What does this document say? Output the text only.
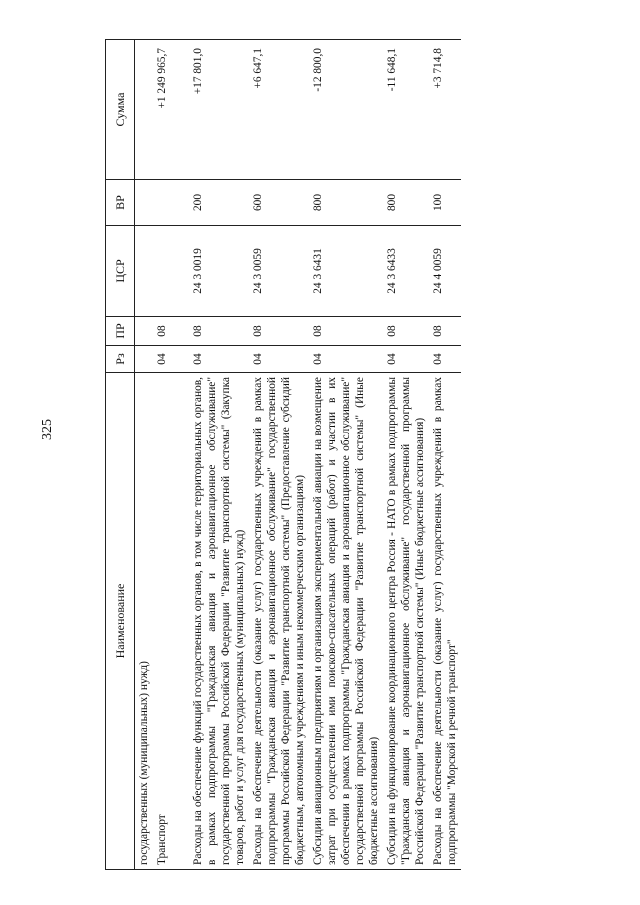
325
Наименование	Рз	ПР	ЦСР	ВР	Сумма
государственных (муниципальных) нужд)					
Транспорт	04	08			+1 249 965,7
Расходы на обеспечение функций государственных органов, в том числе территориальных органов, в рамках подпрограммы "Гражданская авиация и аэронавигационное обслуживание" государственной программы Российской Федерации "Развитие транспортной системы" (Закупка товаров, работ и услуг для государственных (муниципальных) нужд)	04	08	24 3 0019	200	+17 801,0
Расходы на обеспечение деятельности (оказание услуг) государственных учреждений в рамках подпрограммы "Гражданская авиация и аэронавигационное обслуживание" государственной программы Российской Федерации "Развитие транспортной системы" (Предоставление субсидий бюджетным, автономным учреждениям и иным некоммерческим организациям)	04	08	24 3 0059	600	+6 647,1
Субсидии авиационным предприятиям и организациям экспериментальной авиации на возмещение затрат при осуществлении ими поисково-спасательных операций (работ) и участии в их обеспечении в рамках подпрограммы "Гражданская авиация и аэронавигационное обслуживание" государственной программы Российской Федерации "Развитие транспортной системы" (Иные бюджетные ассигнования)	04	08	24 3 6431	800	-12 800,0
Субсидии на функционирование координационного центра Россия - НАТО в рамках подпрограммы "Гражданская авиация и аэронавигационное обслуживание" государственной программы Российской Федерации "Развитие транспортной системы" (Иные бюджетные ассигнования)	04	08	24 3 6433	800	-11 648,1
Расходы на обеспечение деятельности (оказание услуг) государственных учреждений в рамках подпрограммы "Морской и речной транспорт"	04	08	24 4 0059	100	+3 714,8
